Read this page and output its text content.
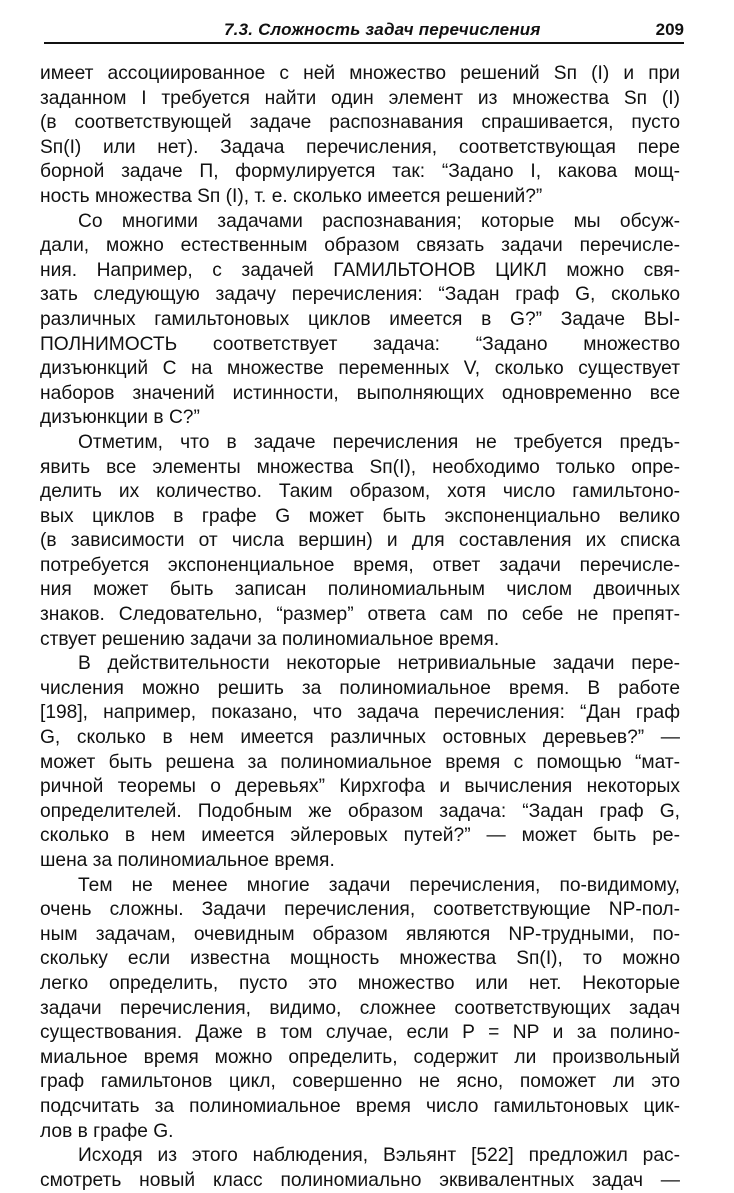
7.3. Сложность задач перечисления	209
имеет ассоциированное с ней множество решений Sп (I) и при
заданном I требуется найти один элемент из множества Sп (I)
(в соответствующей задаче распознавания спрашивается, пусто
Sп(I) или нет). Задача перечисления, соответствующая пере
борной задаче П, формулируется так: “Задано I, какова мощ-
ность множества Sп (I), т. е. сколько имеется решений?”
Со многими задачами распознавания; которые мы обсуж-
дали, можно естественным образом связать задачи перечисле-
ния. Например, с задачей ГАМИЛЬТОНОВ ЦИКЛ можно свя-
зать следующую задачу перечисления: “Задан граф G, сколько
различных гамильтоновых циклов имеется в G?” Задаче ВЫ-
ПОЛНИМОСТЬ соответствует задача: “Задано множество
дизъюнкций C на множестве переменных V, сколько существует
наборов значений истинности, выполняющих одновременно все
дизъюнкции в C?”
Отметим, что в задаче перечисления не требуется предъ-
явить все элементы множества Sп(I), необходимо только опре-
делить их количество. Таким образом, хотя число гамильтоно-
вых циклов в графе G может быть экспоненциально велико
(в зависимости от числа вершин) и для составления их списка
потребуется экспоненциальное время, ответ задачи перечисле-
ния может быть записан полиномиальным числом двоичных
знаков. Следовательно, “размер” ответа сам по себе не препят-
ствует решению задачи за полиномиальное время.
В действительности некоторые нетривиальные задачи пере-
числения можно решить за полиномиальное время. В работе
[198], например, показано, что задача перечисления: “Дан граф
G, сколько в нем имеется различных остовных деревьев?” —
может быть решена за полиномиальное время с помощью “мат-
ричной теоремы о деревьях” Кирхгофа и вычисления некоторых
определителей. Подобным же образом задача: “Задан граф G,
сколько в нем имеется эйлеровых путей?” — может быть ре-
шена за полиномиальное время.
Тем не менее многие задачи перечисления, по-видимому,
очень сложны. Задачи перечисления, соответствующие NP-пол-
ным задачам, очевидным образом являются NP-трудными, по-
скольку если известна мощность множества Sп(I), то можно
легко определить, пусто это множество или нет. Некоторые
задачи перечисления, видимо, сложнее соответствующих задач
существования. Даже в том случае, если P = NP и за полино-
миальное время можно определить, содержит ли произвольный
граф гамильтонов цикл, совершенно не ясно, поможет ли это
подсчитать за полиномиальное время число гамильтоновых цик-
лов в графе G.
Исходя из этого наблюдения, Вэльянт [522] предложил рас-
смотреть новый класс полиномиально эквивалентных задач —
